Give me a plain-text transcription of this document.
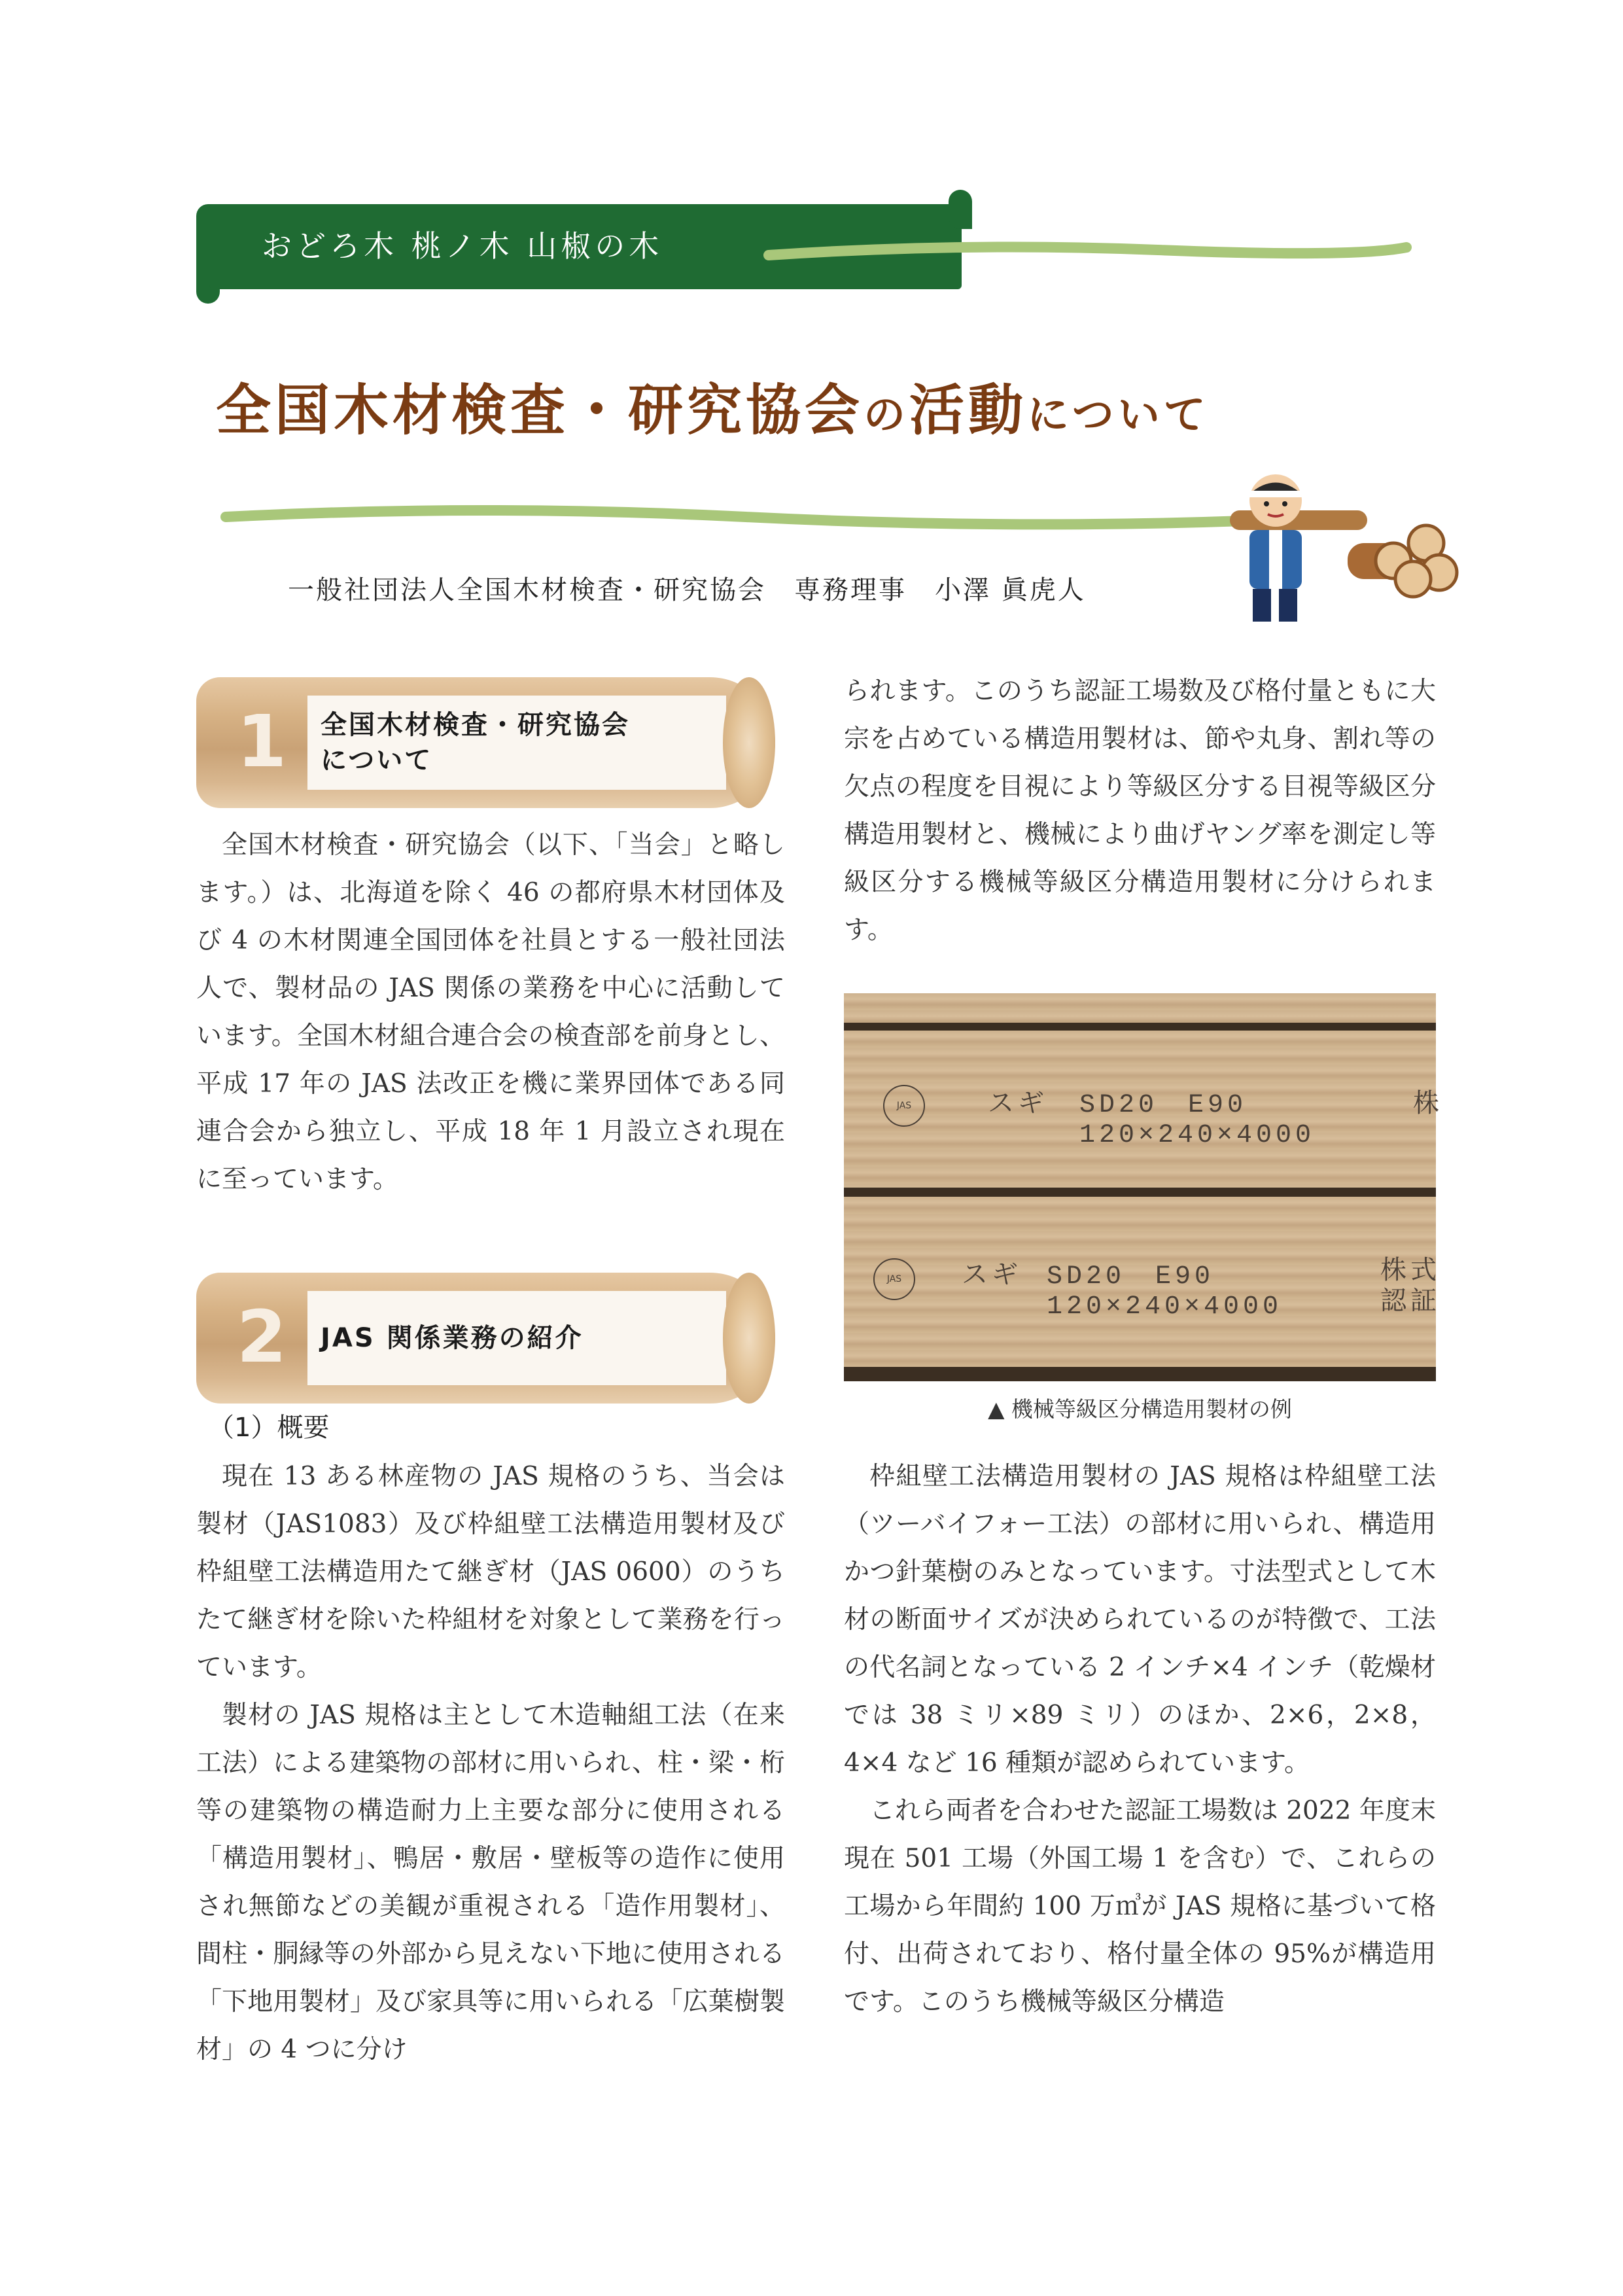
おどろ木 桃ノ木 山椒の木
全国木材検査・研究協会の活動について
一般社団法人全国木材検査・研究協会　専務理事　小澤 眞虎人
1 全国木材検査・研究協会
について

全国木材検査・研究協会（以下、「当会」と略します。）は、北海道を除く 46 の都府県木材団体及び 4 の木材関連全国団体を社員とする一般社団法人で、製材品の JAS 関係の業務を中心に活動しています。全国木材組合連合会の検査部を前身とし、平成 17 年の JAS 法改正を機に業界団体である同連合会から独立し、平成 18 年 1 月設立され現在に至っています。

2	JAS 関係業務の紹介
（1）概要

現在 13 ある林産物の JAS 規格のうち、当会は製材（JAS1083）及び枠組壁工法構造用製材及び枠組壁工法構造用たて継ぎ材（JAS 0600）のうちたて継ぎ材を除いた枠組材を対象として業務を行っています。

製材の JAS 規格は主として木造軸組工法（在来工法）による建築物の部材に用いられ、柱・梁・桁等の建築物の構造耐力上主要な部分に使用される「構造用製材」、鴨居・敷居・壁板等の造作に使用され無節などの美観が重視される「造作用製材」、間柱・胴縁等の外部から見えない下地に使用される「下地用製材」及び家具等に用いられる「広葉樹製材」の 4 つに分け

られます。このうち認証工場数及び格付量ともに大宗を占めている構造用製材は、節や丸身、割れ等の欠点の程度を目視により等級区分する目視等級区分構造用製材と、機械により曲げヤング率を測定し等級区分する機械等級区分構造用製材に分けられます。

JAS	スギ SD20　E90
120×240×4000
株
JAS	スギ SD20　E90
120×240×4000
株式
認証
▲ 機械等級区分構造用製材の例

枠組壁工法構造用製材の JAS 規格は枠組壁工法（ツーバイフォー工法）の部材に用いられ、構造用かつ針葉樹のみとなっています。寸法型式として木材の断面サイズが決められているのが特徴で、工法の代名詞となっている 2 インチ×4 インチ（乾燥材では 38 ミリ×89 ミリ）のほか、2×6，2×8，4×4 など 16 種類が認められています。

これら両者を合わせた認証工場数は 2022 年度末現在 501 工場（外国工場 1 を含む）で、これらの工場から年間約 100 万㎥が JAS 規格に基づいて格付、出荷されており、格付量全体の 95%が構造用です。このうち機械等級区分構造
